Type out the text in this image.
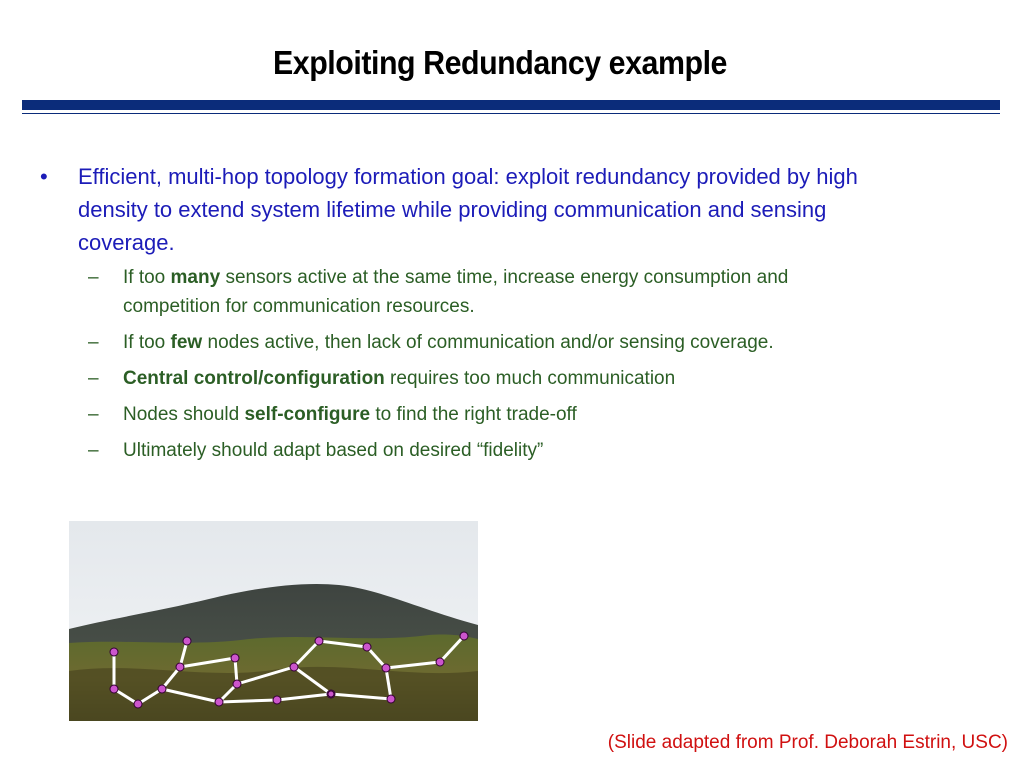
Exploiting Redundancy example
• Efficient, multi-hop topology formation goal: exploit redundancy provided by high density to extend system lifetime while providing communication and sensing coverage.
– If too many sensors active at the same time, increase energy consumption and competition for communication resources.
– If too few nodes active, then lack of communication and/or sensing coverage.
– Central control/configuration requires too much communication
– Nodes should self-configure to find the right trade-off
– Ultimately should adapt based on desired “fidelity”
(Slide adapted from Prof. Deborah Estrin, USC)
